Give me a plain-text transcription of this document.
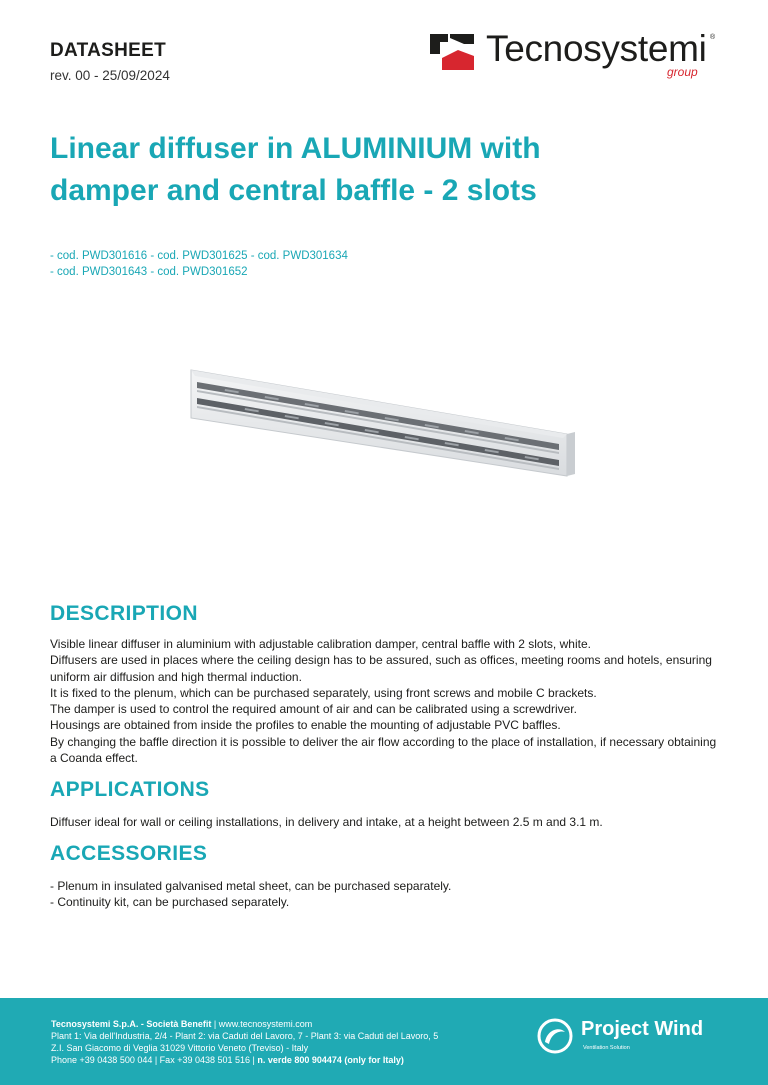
DATASHEET
rev. 00 - 25/09/2024
Tecnosystemi ®
group
Linear diffuser in ALUMINIUM with
damper and central baffle - 2 slots
- cod. PWD301616 - cod. PWD301625 - cod. PWD301634
- cod. PWD301643 - cod. PWD301652
DESCRIPTION

Visible linear diffuser in aluminium with adjustable calibration damper, central baffle with 2 slots, white.

Diffusers are used in places where the ceiling design has to be assured, such as offices, meeting rooms and hotels, ensuring uniform air diffusion and high thermal induction.

It is fixed to the plenum, which can be purchased separately, using front screws and mobile C brackets.

The damper is used to control the required amount of air and can be calibrated using a screwdriver.

Housings are obtained from inside the profiles to enable the mounting of adjustable PVC baffles.

By changing the baffle direction it is possible to deliver the air flow according to the place of installation, if necessary obtaining a Coanda effect.

APPLICATIONS

Diffuser ideal for wall or ceiling installations, in delivery and intake, at a height between 2.5 m and 3.1 m.

ACCESSORIES

- Plenum in insulated galvanised metal sheet, can be purchased separately.

- Continuity kit, can be purchased separately.

Tecnosystemi S.p.A. - Società Benefit | www.tecnosystemi.com
Plant 1: Via dell'Industria, 2/4 - Plant 2: via Caduti del Lavoro, 7 - Plant 3: via Caduti del Lavoro, 5
Z.I. San Giacomo di Veglia 31029 Vittorio Veneto (Treviso) - Italy
Phone +39 0438 500 044 | Fax +39 0438 501 516 | n. verde 800 904474 (only for Italy)
Project Wind
Ventilation Solution
